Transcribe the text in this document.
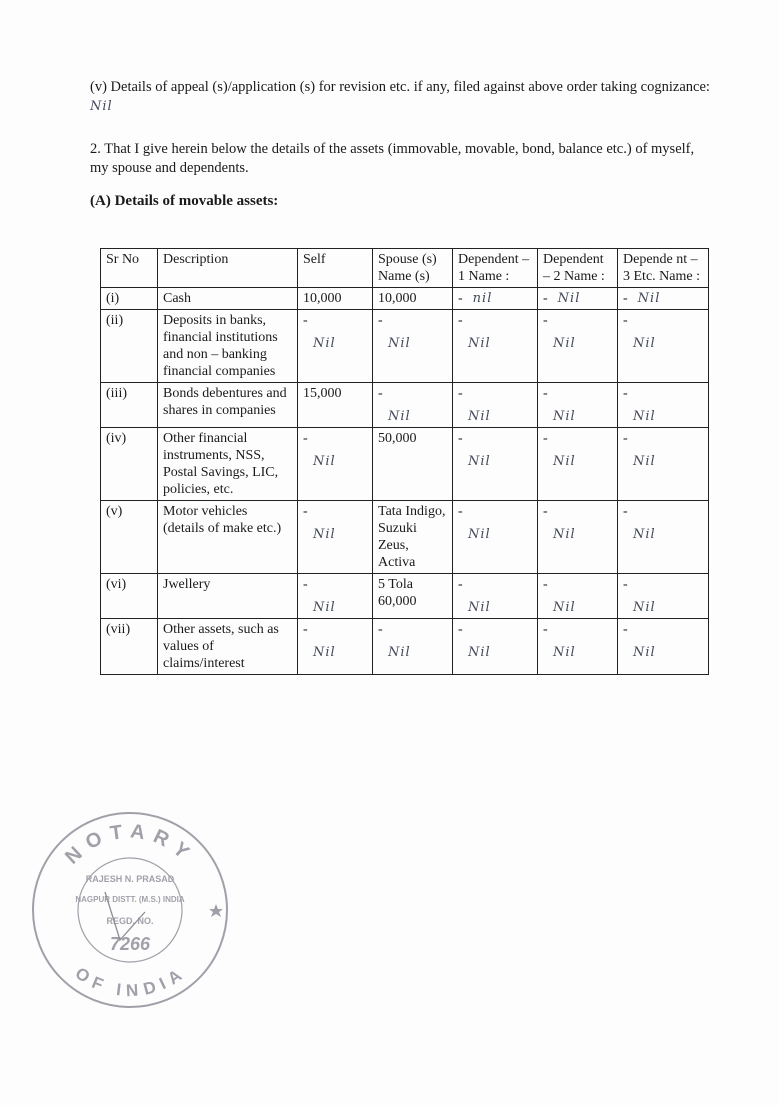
(v) Details of appeal (s)/application (s) for revision etc. if any, filed against above order taking cognizance: Nil
2. That I give herein below the details of the assets (immovable, movable, bond, balance etc.) of myself, my spouse and dependents.
(A) Details of movable assets:
Sr No	Description	Self	Spouse (s) Name (s)	Dependent – 1 Name :	Dependent – 2 Name :	Depende nt – 3 Etc. Name :
(i)	Cash	10,000	10,000	- nil	- Nil	- Nil
(ii)	Deposits in banks, financial institutions and non – banking financial companies	-
Nil	-
Nil	-
Nil	-
Nil	-
Nil

(iii)	Bonds debentures and shares in companies	15,000	-
Nil	-
Nil	-
Nil	-
Nil

(iv)	Other financial instruments, NSS, Postal Savings, LIC, policies, etc.	-
Nil	50,000	-
Nil	-
Nil	-
Nil

(v)	Motor vehicles (details of make etc.)	-
Nil	Tata Indigo, Suzuki Zeus, Activa	-
Nil	-
Nil	-
Nil

(vi)	Jwellery	-
Nil	5 Tola 60,000	-
Nil	-
Nil	-
Nil

(vii)	Other assets, such as values of claims/interest	-
Nil	-
Nil	-
Nil	-
Nil	-
Nil
NOTARY
RAJESH N. PRASAD
NAGPUR DISTT. (M.S.) INDIA
REGD. NO.
7266
OF INDIA
